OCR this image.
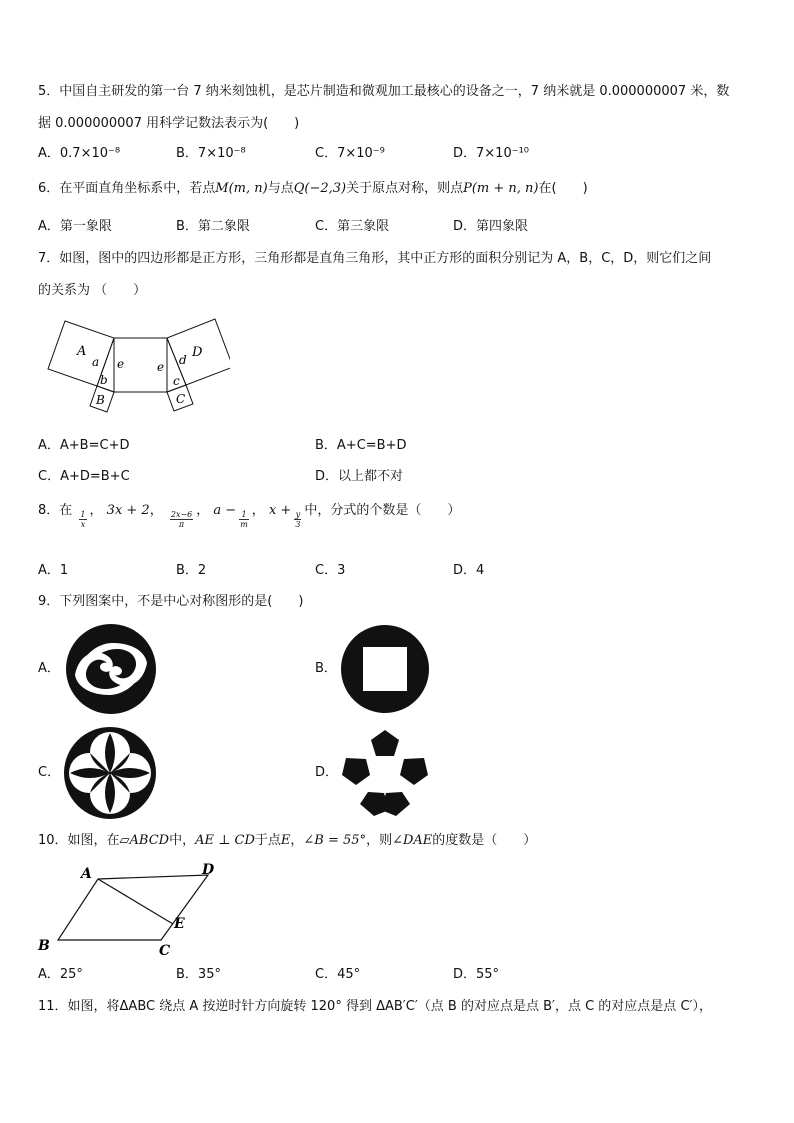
5．中国自主研发的第一台 7 纳米刻蚀机，是芯片制造和微观加工最核心的设备之一，7 纳米就是 0.000000007 米，数
据 0.000000007 用科学记数法表示为(　　)
A．0.7×10⁻⁸	B．7×10⁻⁸	C．7×10⁻⁹	D．7×10⁻¹⁰
6．在平面直角坐标系中，若点M(m, n)与点Q(−2,3)关于原点对称，则点P(m + n, n)在(　　)
A．第一象限	B．第二象限	C．第三象限	D．第四象限
7．如图，图中的四边形都是正方形，三角形都是直角三角形，其中正方形的面积分别记为 A，B，C，D，则它们之间
的关系为 （　　）
A
a
b
B
e	e d D
c
C
A．A+B=C+D	B．A+C=B+D
C．A+D=B+C	D．以上都不对
8．在 $\frac{1}{x}$ ， 3x + 2， $\frac{2x-6}{\pi}$ ， $a - \frac{1}{m}$ ， $x + \frac{y}{3}$ 中，分式的个数是（　　）
A．1	B．2	C．3	D．4
9．下列图案中，不是中心对称图形的是(　　)
A．	B．
C．	D．
10．如图，在▱ABCD中，AE ⊥ CD于点E，∠B = 55°，则∠DAE的度数是（　　）
A	D
E
B	C
A．25°	B．35°	C．45°	D．55°
11．如图，将ΔABC 绕点 A 按逆时针方向旋转 120° 得到 ΔAB′C′（点 B 的对应点是点 B′，点 C 的对应点是点 C′），
